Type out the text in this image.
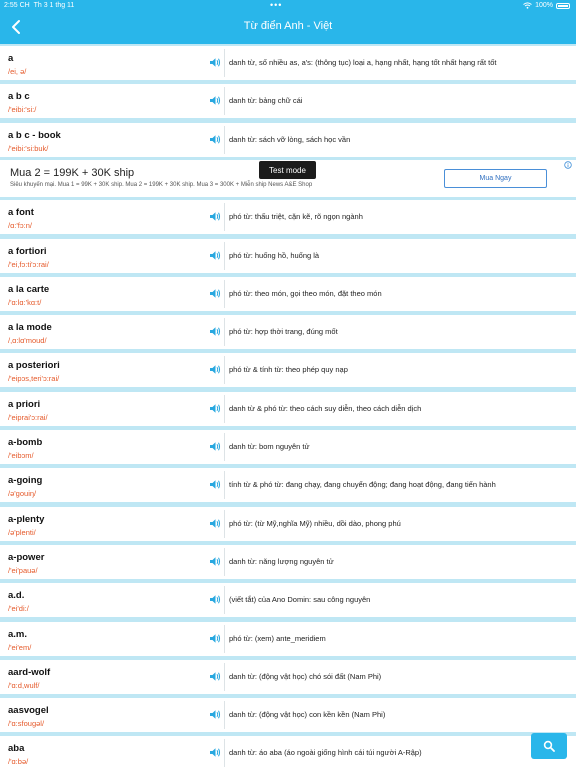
2:55 CH Th 3 1 thg 11	•••	100%
Từ điển Anh - Việt
a
/ei, ə/
danh từ, số nhiều as, a's: (thông tục) loại a, hạng nhất, hạng tốt nhất hạng rất tốt
a b c
/'eibi:'si:/
danh từ: bảng chữ cái
a b c - book
/'eibi:'si:buk/
danh từ: sách vỡ lòng, sách học vần
a font
/ɑ:'fɔ:n/
phó từ: thấu triệt, cặn kẽ, rõ ngọn ngành
a fortiori
/'ei,fɔ:ti'ɔ:rai/
phó từ: huống hồ, huống là
a la carte
/'ɑ:lɑ:'kɑ:t/
phó từ: theo món, gọi theo món, đặt theo món
a la mode
/,ɑ:lɑ'moud/
phó từ: hợp thời trang, đúng mốt
a posteriori
/'eipɔs,teri'ɔ:rai/
phó từ & tính từ: theo phép quy nạp
a priori
/'eiprai'ɔ:rai/
danh từ & phó từ: theo cách suy diễn, theo cách diễn dịch
a-bomb
/'eibɔm/
danh từ: bom nguyên tử
a-going
/ə'gouiŋ/
tính từ & phó từ: đang chạy, đang chuyển động; đang hoạt động, đang tiến hành
a-plenty
/ə'plenti/
phó từ: (từ Mỹ,nghĩa Mỹ) nhiều, dồi dào, phong phú
a-power
/'ei'pauə/
danh từ: năng lượng nguyên tử
a.d.
/'ei'di:/
(viết tắt) của Ano Domin: sau công nguyên
a.m.
/'ei'em/
phó từ: (xem) ante_meridiem
aard-wolf
/'ɑ:d,wulf/
danh từ: (động vật học) chó sói đất (Nam Phi)
aasvogel
/'ɑ:sfougəl/
danh từ: (động vật học) con kền kền (Nam Phi)
aba
/'ɑ:bə/
danh từ: áo aba (áo ngoài giống hình cái túi người A-Rập)
Mua 2 = 199K + 30K ship
Siêu khuyến mại. Mua 1 = 99K + 30K ship. Mua 2 = 199K + 30K ship. Mua 3 = 300K + Miễn ship News A&E Shop
Mua Ngay
Test mode
